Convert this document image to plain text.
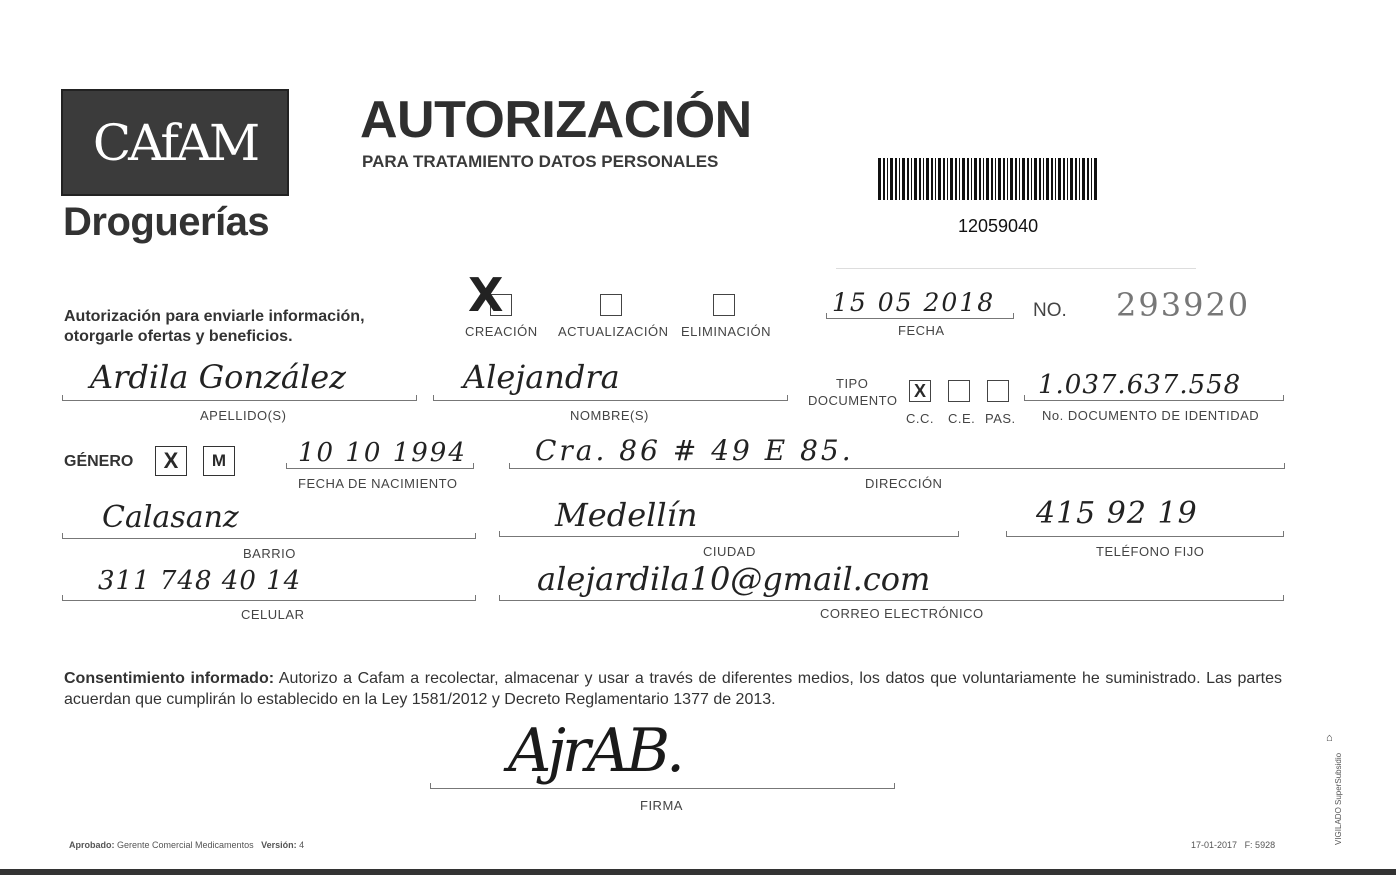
CAfAM
Droguerías
AUTORIZACIÓN
PARA TRATAMIENTO DATOS PERSONALES
12059040
Autorización para enviarle información,
otorgarle ofertas y beneficios.
X
CREACIÓN ACTUALIZACIÓN ELIMINACIÓN
15 05 2018
FECHA
NO. 293920
Ardila González
APELLIDO(S)
Alejandra
NOMBRE(S)
TIPO
DOCUMENTO X
C.C. C.E. PAS.
1.037.637.558
No. DOCUMENTO DE IDENTIDAD
GÉNERO X M	10 10 1994
FECHA DE NACIMIENTO
Cra. 86 # 49 E 85.
DIRECCIÓN
Calasanz
BARRIO
Medellín
CIUDAD
415 92 19
TELÉFONO FIJO
311 748 40 14
CELULAR
alejardila10@gmail.com
CORREO ELECTRÓNICO
Consentimiento informado: Autorizo a Cafam a recolectar, almacenar y usar a través de diferentes medios, los datos que voluntariamente he suministrado. Las partes acuerdan que cumplirán lo establecido en la Ley 1581/2012 y Decreto Reglamentario 1377 de 2013.
AjrAB.
FIRMA
Aprobado: Gerente Comercial Medicamentos Versión: 4	17-01-2017 F: 5928
⌂
VIGILADO SuperSubsidio
